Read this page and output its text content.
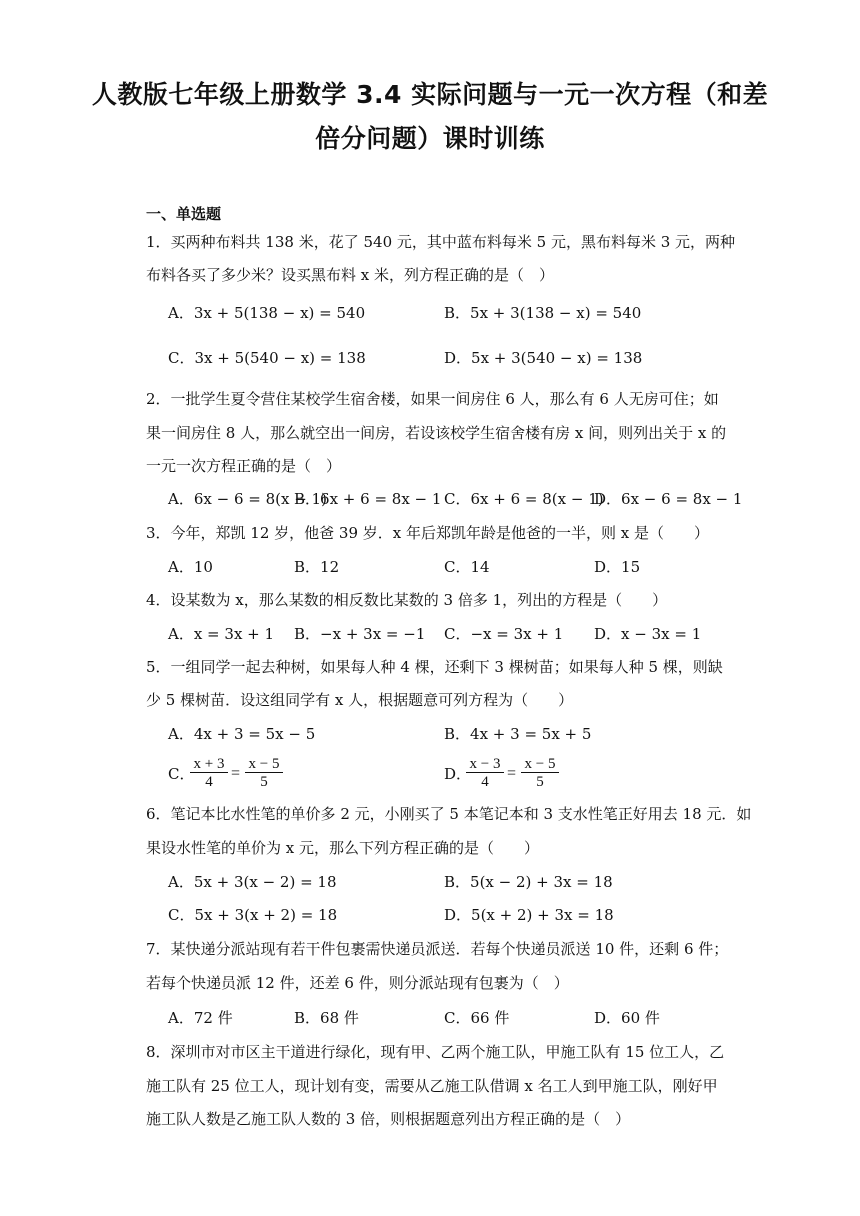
人教版七年级上册数学 3.4 实际问题与一元一次方程（和差
倍分问题）课时训练
一、单选题
1．买两种布料共 138 米，花了 540 元，其中蓝布料每米 5 元，黑布料每米 3 元，两种
布料各买了多少米？设买黑布料 x 米，列方程正确的是（　）
A．3x + 5(138 − x) = 540	B．5x + 3(138 − x) = 540
C．3x + 5(540 − x) = 138	D．5x + 3(540 − x) = 138
2．一批学生夏令营住某校学生宿舍楼，如果一间房住 6 人，那么有 6 人无房可住；如
果一间房住 8 人，那么就空出一间房，若设该校学生宿舍楼有房 x 间，则列出关于 x 的
一元一次方程正确的是（　）
A．6x − 6 = 8(x − 1)
B．6x + 6 = 8x − 1 C．6x + 6 = 8(x − 1)
D．6x − 6 = 8x − 1
3．今年，郑凯 12 岁，他爸 39 岁．x 年后郑凯年龄是他爸的一半，则 x 是（　　）
A．10	B．12	C．14	D．15
4．设某数为 x，那么某数的相反数比某数的 3 倍多 1，列出的方程是（　　）
A．x = 3x + 1 B．−x + 3x = −1 C．−x = 3x + 1 D．x − 3x = 1
5．一组同学一起去种树，如果每人种 4 棵，还剩下 3 棵树苗；如果每人种 5 棵，则缺
少 5 棵树苗．设这组同学有 x 人，根据题意可列方程为（　　）
A．4x + 3 = 5x − 5	B．4x + 3 = 5x + 5
C．
$\frac{x + 3}{4} = \frac{x - 5}{5}$	D．
$\frac{x - 3}{4} = \frac{x - 5}{5}$
6．笔记本比水性笔的单价多 2 元，小刚买了 5 本笔记本和 3 支水性笔正好用去 18 元．如
果设水性笔的单价为 x 元，那么下列方程正确的是（　　）
A．5x + 3(x − 2) = 18	B．5(x − 2) + 3x = 18
C．5x + 3(x + 2) = 18	D．5(x + 2) + 3x = 18
7．某快递分派站现有若干件包裹需快递员派送．若每个快递员派送 10 件，还剩 6 件；
若每个快递员派 12 件，还差 6 件，则分派站现有包裹为（　）
A．72 件	B．68 件	C．66 件	D．60 件
8．深圳市对市区主干道进行绿化，现有甲、乙两个施工队，甲施工队有 15 位工人，乙
施工队有 25 位工人，现计划有变，需要从乙施工队借调 x 名工人到甲施工队，刚好甲
施工队人数是乙施工队人数的 3 倍，则根据题意列出方程正确的是（　）
